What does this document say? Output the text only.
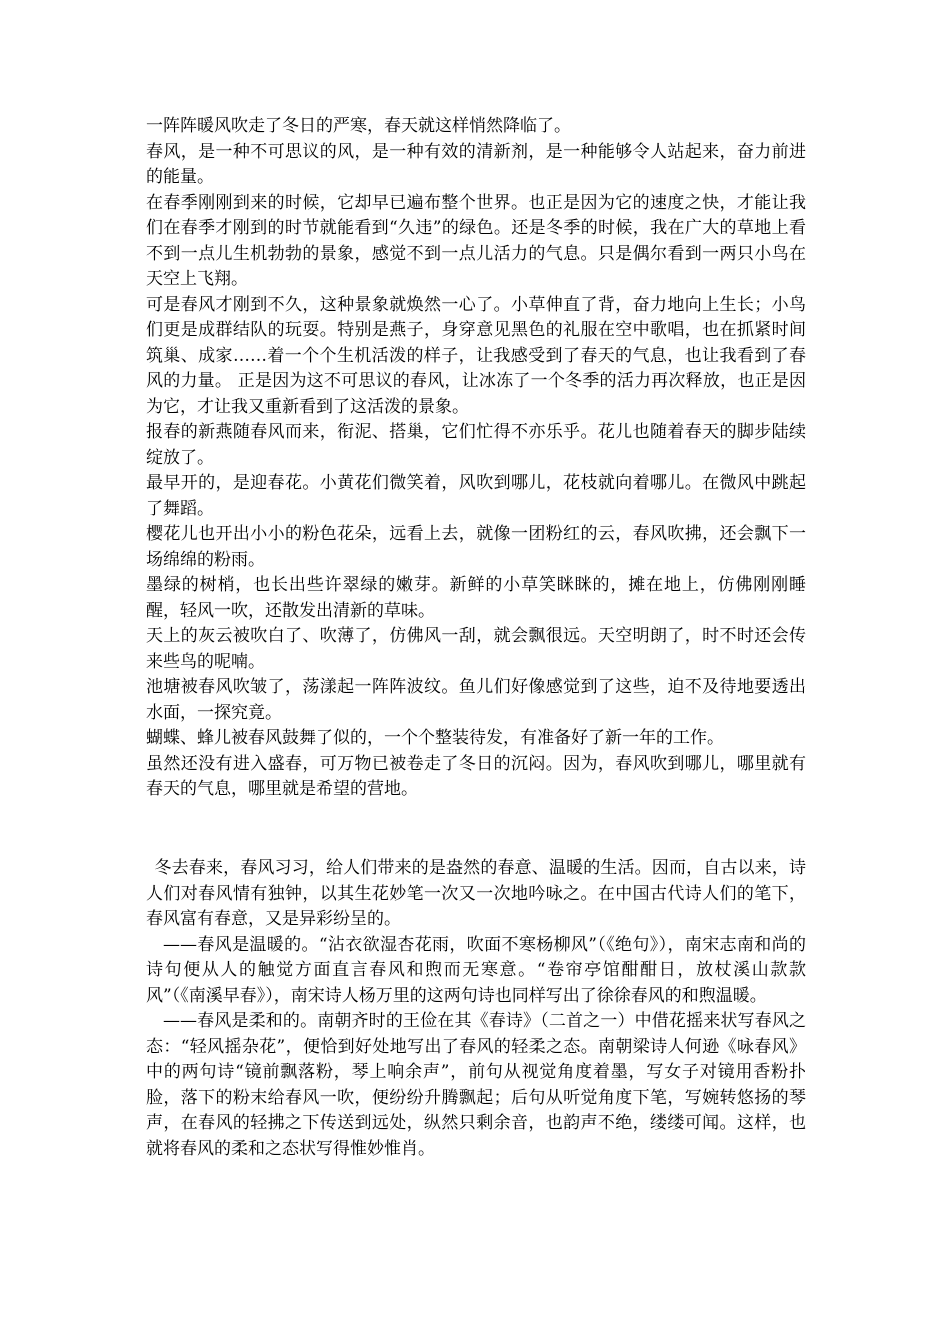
一阵阵暖风吹走了冬日的严寒，春天就这样悄然降临了。

春风，是一种不可思议的风，是一种有效的清新剂，是一种能够令人站起来，奋力前进的能量。

在春季刚刚到来的时候，它却早已遍布整个世界。也正是因为它的速度之快，才能让我们在春季才刚到的时节就能看到“久违”的绿色。还是冬季的时候，我在广大的草地上看不到一点儿生机勃勃的景象，感觉不到一点儿活力的气息。只是偶尔看到一两只小鸟在天空上飞翔。

可是春风才刚到不久，这种景象就焕然一心了。小草伸直了背，奋力地向上生长；小鸟们更是成群结队的玩耍。特别是燕子，身穿意见黑色的礼服在空中歌唱，也在抓紧时间筑巢、成家……着一个个生机活泼的样子，让我感受到了春天的气息，也让我看到了春风的力量。 正是因为这不可思议的春风，让冰冻了一个冬季的活力再次释放，也正是因为它，才让我又重新看到了这活泼的景象。

报春的新燕随春风而来，衔泥、搭巢，它们忙得不亦乐乎。花儿也随着春天的脚步陆续绽放了。

最早开的，是迎春花。小黄花们微笑着，风吹到哪儿，花枝就向着哪儿。在微风中跳起了舞蹈。

樱花儿也开出小小的粉色花朵，远看上去，就像一团粉红的云，春风吹拂，还会飘下一场绵绵的粉雨。

墨绿的树梢，也长出些许翠绿的嫩芽。新鲜的小草笑眯眯的，摊在地上，仿佛刚刚睡醒，轻风一吹，还散发出清新的草味。

天上的灰云被吹白了、吹薄了，仿佛风一刮，就会飘很远。天空明朗了，时不时还会传来些鸟的呢喃。

池塘被春风吹皱了，荡漾起一阵阵波纹。鱼儿们好像感觉到了这些，迫不及待地要透出水面，一探究竟。

蝴蝶、蜂儿被春风鼓舞了似的，一个个整装待发，有准备好了新一年的工作。

虽然还没有进入盛春，可万物已被卷走了冬日的沉闷。因为，春风吹到哪儿，哪里就有春天的气息，哪里就是希望的营地。

冬去春来，春风习习，给人们带来的是盎然的春意、温暖的生活。因而，自古以来，诗人们对春风情有独钟，以其生花妙笔一次又一次地吟咏之。在中国古代诗人们的笔下，春风富有春意，又是异彩纷呈的。

——春风是温暖的。“沾衣欲湿杏花雨，吹面不寒杨柳风”（《绝句》），南宋志南和尚的诗句便从人的触觉方面直言春风和煦而无寒意。“卷帘亭馆酣酣日，放杖溪山款款风”（《南溪早春》），南宋诗人杨万里的这两句诗也同样写出了徐徐春风的和煦温暖。

——春风是柔和的。南朝齐时的王俭在其《春诗》（二首之一）中借花摇来状写春风之态：“轻风摇杂花”，便恰到好处地写出了春风的轻柔之态。南朝梁诗人何逊《咏春风》中的两句诗“镜前飘落粉，琴上响余声”，前句从视觉角度着墨，写女子对镜用香粉扑脸，落下的粉末给春风一吹，便纷纷升腾飘起；后句从听觉角度下笔，写婉转悠扬的琴声，在春风的轻拂之下传送到远处，纵然只剩余音，也韵声不绝，缕缕可闻。这样，也就将春风的柔和之态状写得惟妙惟肖。
